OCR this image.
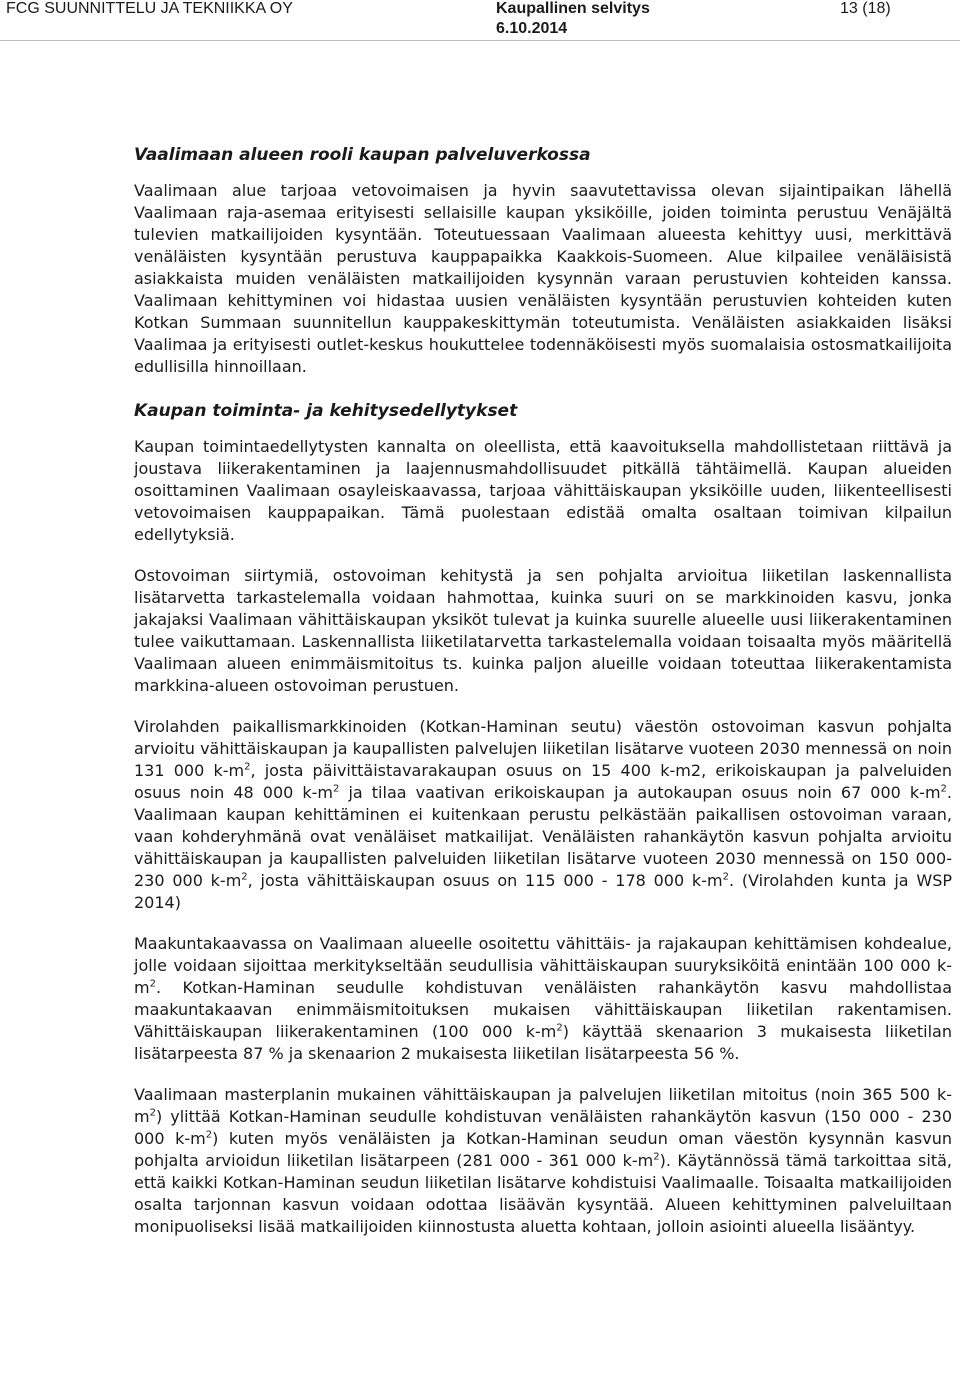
FCG SUUNNITTELU JA TEKNIIKKA OY	Kaupallinen selvitys
6.10.2014
13 (18)
Vaalimaan alueen rooli kaupan palveluverkossa

Vaalimaan alue tarjoaa vetovoimaisen ja hyvin saavutettavissa olevan sijaintipaikan lähellä Vaalimaan raja-asemaa erityisesti sellaisille kaupan yksiköille, joiden toiminta perustuu Venäjältä tulevien matkailijoiden kysyntään. Toteutuessaan Vaalimaan alueesta kehittyy uusi, merkittävä venäläisten kysyntään perustuva kauppapaikka Kaakkois-Suomeen. Alue kilpailee venäläisistä asiakkaista muiden venäläisten matkailijoiden kysynnän varaan perustuvien kohteiden kanssa. Vaalimaan kehittyminen voi hidastaa uusien venäläisten kysyntään perustuvien kohteiden kuten Kotkan Summaan suunnitellun kauppakeskittymän toteutumista. Venäläisten asiakkaiden lisäksi Vaalimaa ja erityisesti outlet-keskus houkuttelee todennäköisesti myös suomalaisia ostosmatkailijoita edullisilla hinnoillaan.

Kaupan toiminta- ja kehitysedellytykset

Kaupan toimintaedellytysten kannalta on oleellista, että kaavoituksella mahdollistetaan riittävä ja joustava liikerakentaminen ja laajennusmahdollisuudet pitkällä tähtäimellä. Kaupan alueiden osoittaminen Vaalimaan osayleiskaavassa, tarjoaa vähittäiskaupan yksiköille uuden, liikenteellisesti vetovoimaisen kauppapaikan. Tämä puolestaan edistää omalta osaltaan toimivan kilpailun edellytyksiä.

Ostovoiman siirtymiä, ostovoiman kehitystä ja sen pohjalta arvioitua liiketilan laskennallista lisätarvetta tarkastelemalla voidaan hahmottaa, kuinka suuri on se markkinoiden kasvu, jonka jakajaksi Vaalimaan vähittäiskaupan yksiköt tulevat ja kuinka suurelle alueelle uusi liikerakentaminen tulee vaikuttamaan. Laskennallista liiketilatarvetta tarkastelemalla voidaan toisaalta myös määritellä Vaalimaan alueen enimmäismitoitus ts. kuinka paljon alueille voidaan toteuttaa liikerakentamista markkina-alueen ostovoiman perustuen.

Virolahden paikallismarkkinoiden (Kotkan-Haminan seutu) väestön ostovoiman kasvun pohjalta arvioitu vähittäiskaupan ja kaupallisten palvelujen liiketilan lisätarve vuoteen 2030 mennessä on noin 131 000 $k-m^2$, josta päivittäistavarakaupan osuus on 15 400 k-m2, erikoiskaupan ja palveluiden osuus noin 48 000 $k-m^2$ ja tilaa vaativan erikoiskaupan ja autokaupan osuus noin 67 000 $k-m^2$. Vaalimaan kaupan kehittäminen ei kuitenkaan perustu pelkästään paikallisen ostovoiman varaan, vaan kohderyhmänä ovat venäläiset matkailijat. Venäläisten rahankäytön kasvun pohjalta arvioitu vähittäiskaupan ja kaupallisten palveluiden liiketilan lisätarve vuoteen 2030 mennessä on 150 000-230 000 $k-m^2$, josta vähittäiskaupan osuus on 115 000 - 178 000 $k-m^2$. (Virolahden kunta ja WSP 2014)

Maakuntakaavassa on Vaalimaan alueelle osoitettu vähittäis- ja rajakaupan kehittämisen kohdealue, jolle voidaan sijoittaa merkitykseltään seudullisia vähittäiskaupan suuryksiköitä enintään 100 000 $k-m^2$. Kotkan-Haminan seudulle kohdistuvan venäläisten rahankäytön kasvu mahdollistaa maakuntakaavan enimmäismitoituksen mukaisen vähittäiskaupan liiketilan rakentamisen. Vähittäiskaupan liikerakentaminen (100 000 $k-m^2$) käyttää skenaarion 3 mukaisesta liiketilan lisätarpeesta 87 % ja skenaarion 2 mukaisesta liiketilan lisätarpeesta 56 %.

Vaalimaan masterplanin mukainen vähittäiskaupan ja palvelujen liiketilan mitoitus (noin 365 500 $k-m^2$) ylittää Kotkan-Haminan seudulle kohdistuvan venäläisten rahankäytön kasvun (150 000 - 230 000 $k-m^2$) kuten myös venäläisten ja Kotkan-Haminan seudun oman väestön kysynnän kasvun pohjalta arvioidun liiketilan lisätarpeen (281 000 - 361 000 $k-m^2$). Käytännössä tämä tarkoittaa sitä, että kaikki Kotkan-Haminan seudun liiketilan lisätarve kohdistuisi Vaalimaalle. Toisaalta matkailijoiden osalta tarjonnan kasvun voidaan odottaa lisäävän kysyntää. Alueen kehittyminen palveluiltaan monipuoliseksi lisää matkailijoiden kiinnostusta aluetta kohtaan, jolloin asiointi alueella lisääntyy.
